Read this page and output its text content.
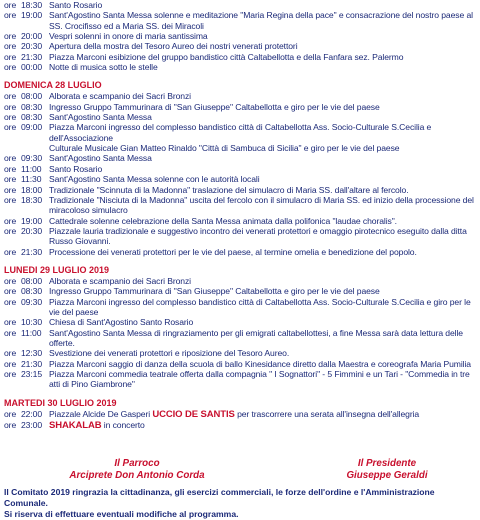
ore 18:30 Santo Rosario
ore 19:00 Sant'Agostino Santa Messa solenne e meditazione "Maria Regina della pace" e consacrazione del nostro paese al
SS. Crocifisso ed a Maria SS. dei Miracoli
ore 20:00 Vespri solenni in onore di maria santissima
ore 20:30 Apertura della mostra del Tesoro Aureo dei nostri venerati protettori
ore 21:30 Piazza Marconi esibizione del gruppo bandistico città Caltabellotta e della Fanfara sez. Palermo
ore 00:00 Notte di musica sotto le stelle
DOMENICA 28 LUGLIO
ore 08:00 Alborata e scampanio dei Sacri Bronzi
ore 08:30 Ingresso Gruppo Tammurinara di "San Giuseppe" Caltabellotta e giro per le vie del paese
ore 08:30 Sant'Agostino Santa Messa
ore 09:00 Piazza Marconi ingresso del complesso bandistico città di Caltabellotta Ass. Socio-Culturale S.Cecilia e dell'Associazione
Culturale Musicale Gian Matteo Rinaldo "Città di Sambuca di Sicilia" e giro per le vie del paese
ore 09:30 Sant'Agostino Santa Messa
ore 11:00 Santo Rosario
ore 11:30 Sant'Agostino Santa Messa solenne con le autorità locali
ore 18:00 Tradizionale "Scinnuta di la Madonna" traslazione del simulacro di Maria SS. dall'altare al fercolo.
ore 18:30 Tradizionale "Nisciuta di la Madonna" uscita del fercolo con il simulacro di Maria SS. ed inizio della processione del
miracoloso simulacro
ore 19:00 Cattedrale solenne celebrazione della Santa Messa animata dalla polifonica "laudae choralis".
ore 20:30 Piazzale lauria tradizionale e suggestivo incontro dei venerati protettori e omaggio pirotecnico eseguito dalla ditta
Russo Giovanni.
ore 21:30 Processione dei venerati protettori per le vie del paese, al termine omelia e benedizione del popolo.
LUNEDI 29 LUGLIO 2019
ore 08:00 Alborata e scampanio dei Sacri Bronzi
ore 08:30 Ingresso Gruppo Tammurinara di "San Giuseppe" Caltabellotta e giro per le vie del paese
ore 09:30 Piazza Marconi ingresso del complesso bandistico città di Caltabellotta Ass. Socio-Culturale S.Cecilia e giro per le
vie del paese
ore 10:30 Chiesa di Sant'Agostino Santo Rosario
ore 11:00 Sant'Agostino Santa Messa di ringraziamento per gli emigrati caltabellottesi, a fine Messa sarà data lettura delle
offerte.
ore 12:30 Svestizione dei venerati protettori e riposizione del Tesoro Aureo.
ore 21:30 Piazza Marconi saggio di danza della scuola di ballo Kinesidance diretto dalla Maestra e coreografa Maria Pumilia
ore 23:15 Piazza Marconi commedia teatrale offerta dalla compagnia " I Sognattori" - 5 Fimmini e un Tari - "Commedia in tre
atti di Pino Giambrone"
MARTEDI 30 LUGLIO 2019
ore 22:00 Piazzale Alcide De Gasperi UCCIO DE SANTIS per trascorrere una serata all'insegna dell'allegria
ore 23:00 SHAKALAB in concerto
Il Parroco
Arciprete Don Antonio Corda
Il Presidente
Giuseppe Geraldi
Il Comitato 2019 ringrazia la cittadinanza, gli esercizi commerciali, le forze dell'ordine e l'Amministrazione Comunale.
Si riserva di effettuare eventuali modifiche al programma.
